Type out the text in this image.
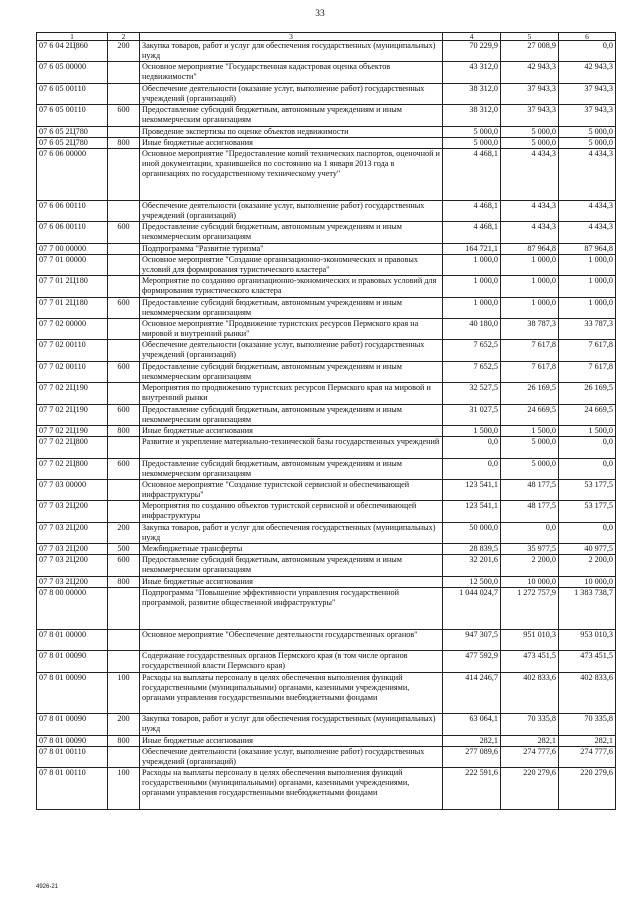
33
1	2	3	4	5	6
07 6 04 2Ц860	200	Закупка товаров, работ и услуг для обеспечения государственных (муниципальных) нужд	70 229,9	27 008,9	0,0
07 6 05 00000		Основное мероприятие "Государственная кадастровая оценка объектов недвижимости"	43 312,0	42 943,3	42 943,3
07 6 05 00110		Обеспечение деятельности (оказание услуг, выполнение работ) государственных учреждений (организаций)	38 312,0	37 943,3	37 943,3
07 6 05 00110	600	Предоставление субсидий бюджетным, автономным учреждениям и иным некоммерческим организациям	38 312,0	37 943,3	37 943,3
07 6 05 2Ц780		Проведение экспертизы по оценке объектов недвижимости	5 000,0	5 000,0	5 000,0
07 6 05 2Ц780	800	Иные бюджетные ассигнования	5 000,0	5 000,0	5 000,0
07 6 06 00000		Основное мероприятие "Предоставление копий технических паспортов, оценочной и иной документации, хранившейся по состоянию на 1 января 2013 года в организациях по государственному техническому учету"	4 468,1	4 434,3	4 434,3
07 6 06 00110		Обеспечение деятельности (оказание услуг, выполнение работ) государственных учреждений (организаций)	4 468,1	4 434,3	4 434,3
07 6 06 00110	600	Предоставление субсидий бюджетным, автономным учреждениям и иным некоммерческим организациям	4 468,1	4 434,3	4 434,3
07 7 00 00000		Подпрограмма "Развитие туризма"	164 721,1	87 964,8	87 964,8
07 7 01 00000		Основное мероприятие "Создание организационно-экономических и правовых условий для формирования туристического кластера"	1 000,0	1 000,0	1 000,0
07 7 01 2Ц180		Мероприятие по созданию организационно-экономических и правовых условий для формирования туристического кластера	1 000,0	1 000,0	1 000,0
07 7 01 2Ц180	600	Предоставление субсидий бюджетным, автономным учреждениям и иным некоммерческим организациям	1 000,0	1 000,0	1 000,0
07 7 02 00000		Основное мероприятие "Продвижение туристских ресурсов Пермского края на мировой и внутренний рынки"	40 180,0	38 787,3	33 787,3
07 7 02 00110		Обеспечение деятельности (оказание услуг, выполнение работ) государственных учреждений (организаций)	7 652,5	7 617,8	7 617,8
07 7 02 00110	600	Предоставление субсидий бюджетным, автономным учреждениям и иным некоммерческим организациям	7 652,5	7 617,8	7 617,8
07 7 02 2Ц190		Мероприятия по продвижению туристских ресурсов Пермского края на мировой и внутренний рынки	32 527,5	26 169,5	26 169,5
07 7 02 2Ц190	600	Предоставление субсидий бюджетным, автономным учреждениям и иным некоммерческим организациям	31 027,5	24 669,5	24 669,5
07 7 02 2Ц190	800	Иные бюджетные ассигнования	1 500,0	1 500,0	1 500,0
07 7 02 2Ц800		Развитие и укрепление материально-технической базы государственных учреждений	0,0	5 000,0	0,0
07 7 02 2Ц800	600	Предоставление субсидий бюджетным, автономным учреждениям и иным некоммерческим организациям	0,0	5 000,0	0,0
07 7 03 00000		Основное мероприятие "Создание туристской сервисной и обеспечивающей инфраструктуры"	123 541,1	48 177,5	53 177,5
07 7 03 2Ц200		Мероприятия по созданию объектов туристской сервисной и обеспечивающей инфраструктуры	123 541,1	48 177,5	53 177,5
07 7 03 2Ц200	200	Закупка товаров, работ и услуг для обеспечения государственных (муниципальных) нужд	50 000,0	0,0	0,0
07 7 03 2Ц200	500	Межбюджетные трансферты	28 839,5	35 977,5	40 977,5
07 7 03 2Ц200	600	Предоставление субсидий бюджетным, автономным учреждениям и иным некоммерческим организациям	32 201,6	2 200,0	2 200,0
07 7 03 2Ц200	800	Иные бюджетные ассигнования	12 500,0	10 000,0	10 000,0
07 8 00 00000		Подпрограмма "Повышение эффективности управления государственной программой, развитие общественной инфраструктуры"	1 044 024,7	1 272 757,9	1 383 738,7
07 8 01 00000		Основное мероприятие "Обеспечение деятельности государственных органов"	947 307,5	951 010,3	953 010,3
07 8 01 00090		Содержание государственных органов Пермского края (в том числе органов государственной власти Пермского края)	477 592,9	473 451,5	473 451,5
07 8 01 00090	100	Расходы на выплаты персоналу в целях обеспечения выполнения функций государственными (муниципальными) органами, казенными учреждениями, органами управления государственными внебюджетными фондами	414 246,7	402 833,6	402 833,6
07 8 01 00090	200	Закупка товаров, работ и услуг для обеспечения государственных (муниципальных) нужд	63 064,1	70 335,8	70 335,8
07 8 01 00090	800	Иные бюджетные ассигнования	282,1	282,1	282,1
07 8 01 00110		Обеспечение деятельности (оказание услуг, выполнение работ) государственных учреждений (организаций)	277 089,6	274 777,6	274 777,6
07 8 01 00110	100	Расходы на выплаты персоналу в целях обеспечения выполнения функций государственными (муниципальными) органами, казенными учреждениями, органами управления государственными внебюджетными фондами	222 591,6	220 279,6	220 279,6
4926-21
